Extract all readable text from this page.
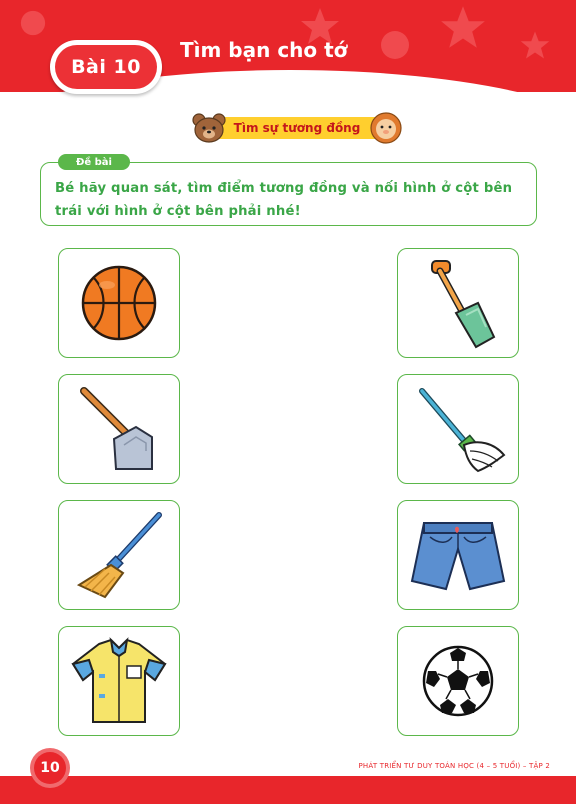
Bài 10
Tìm bạn cho tớ
Tìm sự tương đồng
Đề bài
Bé hãy quan sát, tìm điểm tương đồng và nối hình ở cột bên trái với hình ở cột bên phải nhé!
10	PHÁT TRIỂN TƯ DUY TOÁN HỌC (4 – 5 TUỔI) – TẬP 2
